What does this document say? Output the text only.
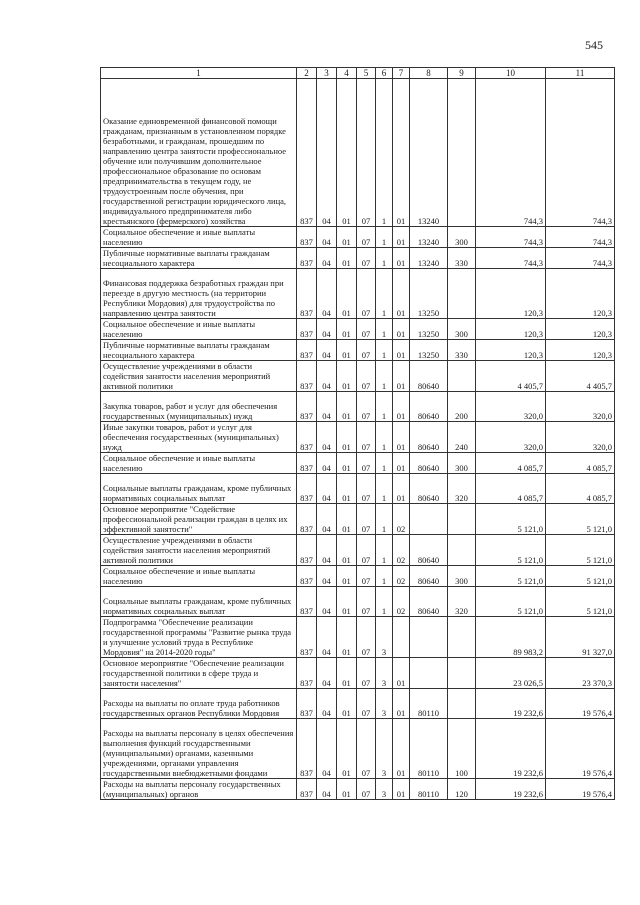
545
1	2	3	4	5	6	7	8	9	10	11
Оказание единовременной финансовой помощи гражданам, признанным в установленном порядке безработными, и гражданам, прошедшим по направлению центра занятости профессиональное обучение или получившим дополнительное профессиональное образование по основам предпринимательства в текущем году, не трудоустроенным после обучения, при государственной регистрации юридического лица, индивидуального предпринимателя либо крестьянского (фермерского) хозяйства	837	04	01	07	1	01	13240		744,3	744,3
Социальное обеспечение и иные выплаты населению	837	04	01	07	1	01	13240	300	744,3	744,3
Публичные нормативные выплаты гражданам несоциального характера	837	04	01	07	1	01	13240	330	744,3	744,3
Финансовая поддержка безработных граждан при переезде в другую местность (на территории Республики Мордовия) для трудоустройства по направлению центра занятости	837	04	01	07	1	01	13250		120,3	120,3
Социальное обеспечение и иные выплаты населению	837	04	01	07	1	01	13250	300	120,3	120,3
Публичные нормативные выплаты гражданам несоциального характера	837	04	01	07	1	01	13250	330	120,3	120,3
Осуществление учреждениями в области содействия занятости населения мероприятий активной политики	837	04	01	07	1	01	80640		4 405,7	4 405,7
Закупка товаров, работ и услуг для обеспечения государственных (муниципальных) нужд	837	04	01	07	1	01	80640	200	320,0	320,0
Иные закупки товаров, работ и услуг для обеспечения государственных (муниципальных) нужд	837	04	01	07	1	01	80640	240	320,0	320,0
Социальное обеспечение и иные выплаты населению	837	04	01	07	1	01	80640	300	4 085,7	4 085,7
Социальные выплаты гражданам, кроме публичных нормативных социальных выплат	837	04	01	07	1	01	80640	320	4 085,7	4 085,7
Основное мероприятие "Содействие профессиональной реализации граждан в целях их эффективной занятости"	837	04	01	07	1	02			5 121,0	5 121,0
Осуществление учреждениями в области содействия занятости населения мероприятий активной политики	837	04	01	07	1	02	80640		5 121,0	5 121,0
Социальное обеспечение и иные выплаты населению	837	04	01	07	1	02	80640	300	5 121,0	5 121,0
Социальные выплаты гражданам, кроме публичных нормативных социальных выплат	837	04	01	07	1	02	80640	320	5 121,0	5 121,0
Подпрограмма "Обеспечение реализации государственной программы "Развитие рынка труда и улучшение условий труда в Республике Мордовия" на 2014-2020 годы"	837	04	01	07	3				89 983,2	91 327,0
Основное мероприятие "Обеспечение реализации государственной политики в сфере труда и занятости населения"	837	04	01	07	3	01			23 026,5	23 370,3
Расходы на выплаты по оплате труда работников государственных органов Республики Мордовия	837	04	01	07	3	01	80110		19 232,6	19 576,4
Расходы на выплаты персоналу в целях обеспечения выполнения функций государственными (муниципальными) органами, казенными учреждениями, органами управления государственными внебюджетными фондами	837	04	01	07	3	01	80110	100	19 232,6	19 576,4
Расходы на выплаты персоналу государственных (муниципальных) органов	837	04	01	07	3	01	80110	120	19 232,6	19 576,4
